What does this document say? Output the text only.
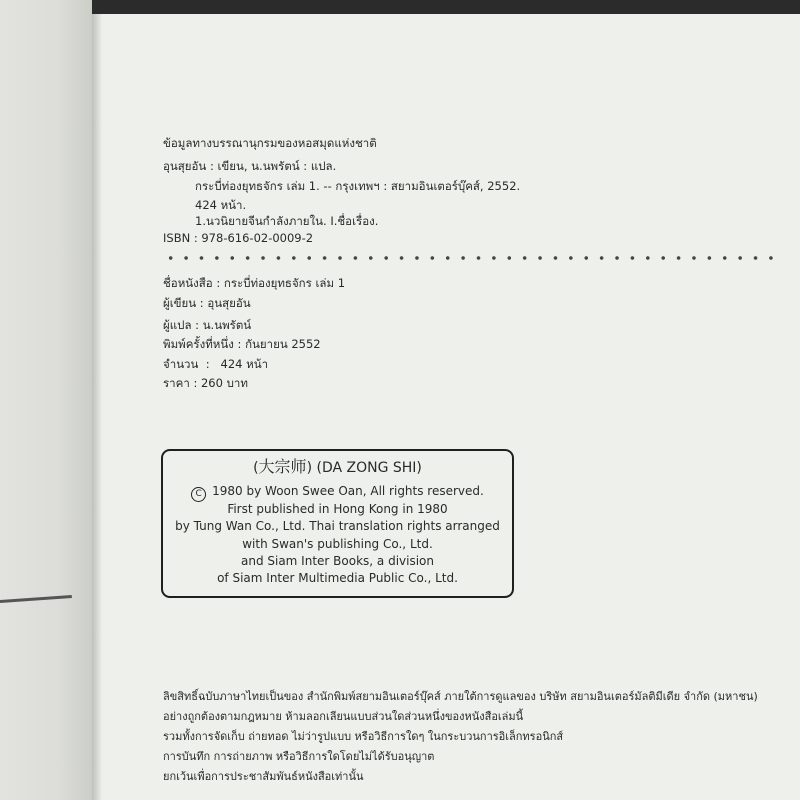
ข้อมูลทางบรรณานุกรมของหอสมุดแห่งชาติ
อุนสุยอัน : เขียน, น.นพรัตน์ : แปล.
กระบี่ท่องยุทธจักร เล่ม 1. -- กรุงเทพฯ : สยามอินเตอร์บุ๊คส์, 2552.
424 หน้า.
1.นวนิยายจีนกำลังภายใน. I.ชื่อเรื่อง.
ISBN : 978-616-02-0009-2
ชื่อหนังสือ : กระบี่ท่องยุทธจักร เล่ม 1
ผู้เขียน : อุนสุยอัน
ผู้แปล : น.นพรัตน์
พิมพ์ครั้งที่หนึ่ง : กันยายน 2552
จำนวน  :   424 หน้า
ราคา : 260 บาท
(大宗师) (DA ZONG SHI)
C 1980 by Woon Swee Oan, All rights reserved.
First published in Hong Kong in 1980
by Tung Wan Co., Ltd. Thai translation rights arranged
with Swan's publishing Co., Ltd.
and Siam Inter Books, a division
of Siam Inter Multimedia Public Co., Ltd.
ลิขสิทธิ์ฉบับภาษาไทยเป็นของ สำนักพิมพ์สยามอินเตอร์บุ๊คส์ ภายใต้การดูแลของ บริษัท สยามอินเตอร์มัลติมีเดีย จำกัด (มหาชน)
อย่างถูกต้องตามกฎหมาย ห้ามลอกเลียนแบบส่วนใดส่วนหนึ่งของหนังสือเล่มนี้
รวมทั้งการจัดเก็บ ถ่ายทอด ไม่ว่ารูปแบบ หรือวิธีการใดๆ ในกระบวนการอิเล็กทรอนิกส์
การบันทึก การถ่ายภาพ หรือวิธีการใดโดยไม่ได้รับอนุญาต
ยกเว้นเพื่อการประชาสัมพันธ์หนังสือเท่านั้น
